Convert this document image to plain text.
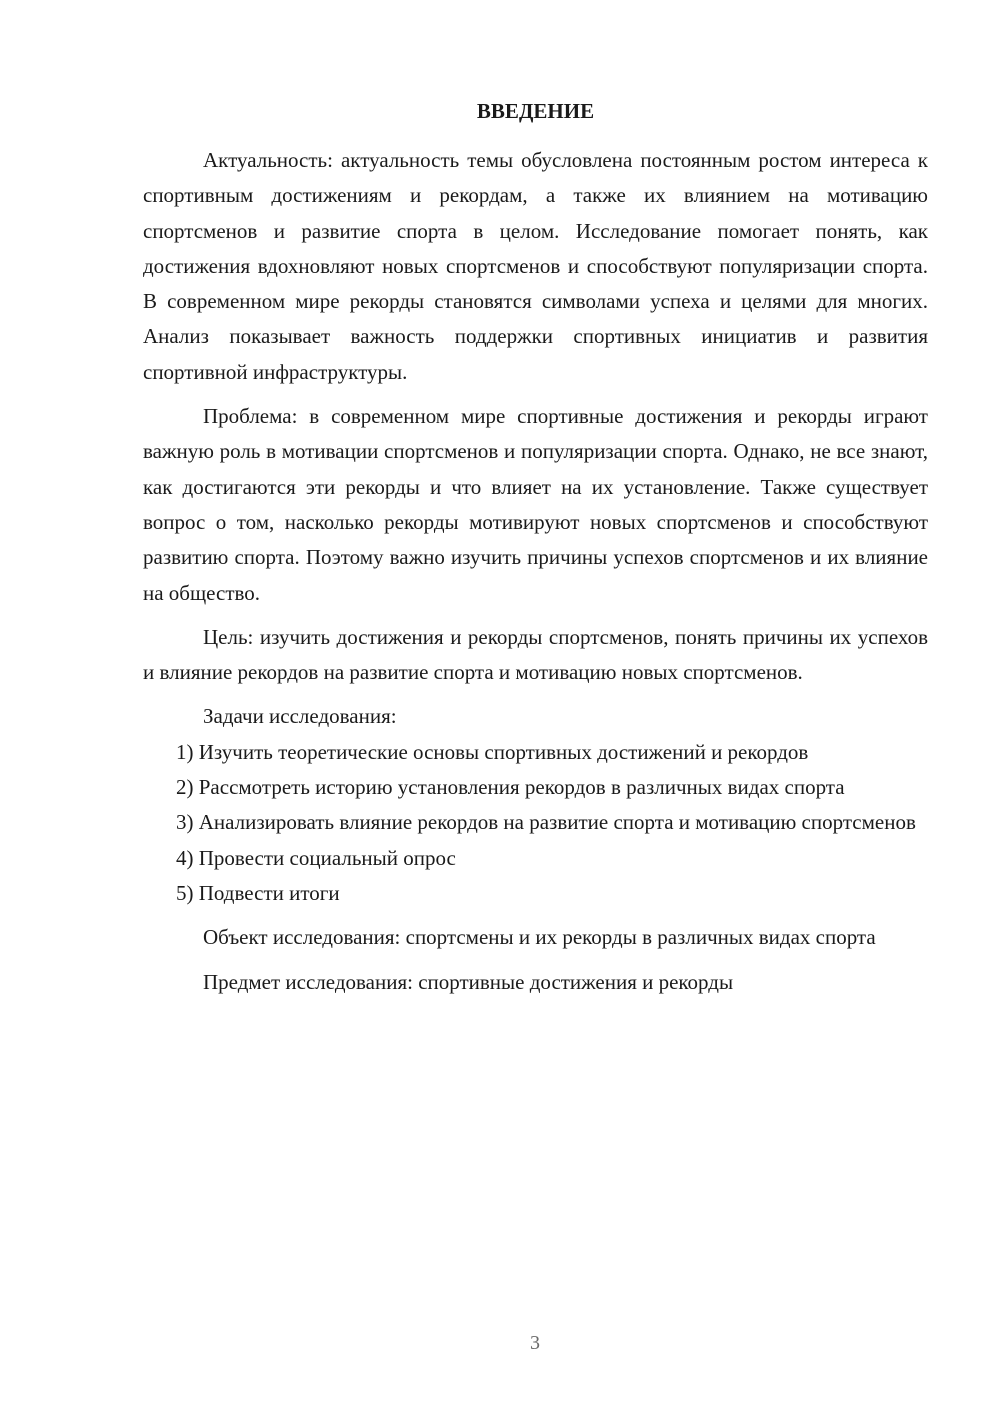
ВВЕДЕНИЕ

Актуальность: актуальность темы обусловлена постоянным ростом интереса к спортивным достижениям и рекордам, а также их влиянием на мотивацию спортсменов и развитие спорта в целом. Исследование помогает понять, как достижения вдохновляют новых спортсменов и способствуют популяризации спорта. В современном мире рекорды становятся символами успеха и целями для многих. Анализ показывает важность поддержки спортивных инициатив и развития спортивной инфраструктуры.

Проблема: в современном мире спортивные достижения и рекорды играют важную роль в мотивации спортсменов и популяризации спорта. Однако, не все знают, как достигаются эти рекорды и что влияет на их установление. Также существует вопрос о том, насколько рекорды мотивируют новых спортсменов и способствуют развитию спорта. Поэтому важно изучить причины успехов спортсменов и их влияние на общество.

Цель: изучить достижения и рекорды спортсменов, понять причины их успехов и влияние рекордов на развитие спорта и мотивацию новых спортсменов.

Задачи исследования:

1) Изучить теоретические основы спортивных достижений и рекордов

2) Рассмотреть историю установления рекордов в различных видах спорта

3) Анализировать влияние рекордов на развитие спорта и мотивацию спортсменов

4) Провести социальный опрос

5) Подвести итоги

Объект исследования: спортсмены и их рекорды в различных видах спорта

Предмет исследования: спортивные достижения и рекорды

3
